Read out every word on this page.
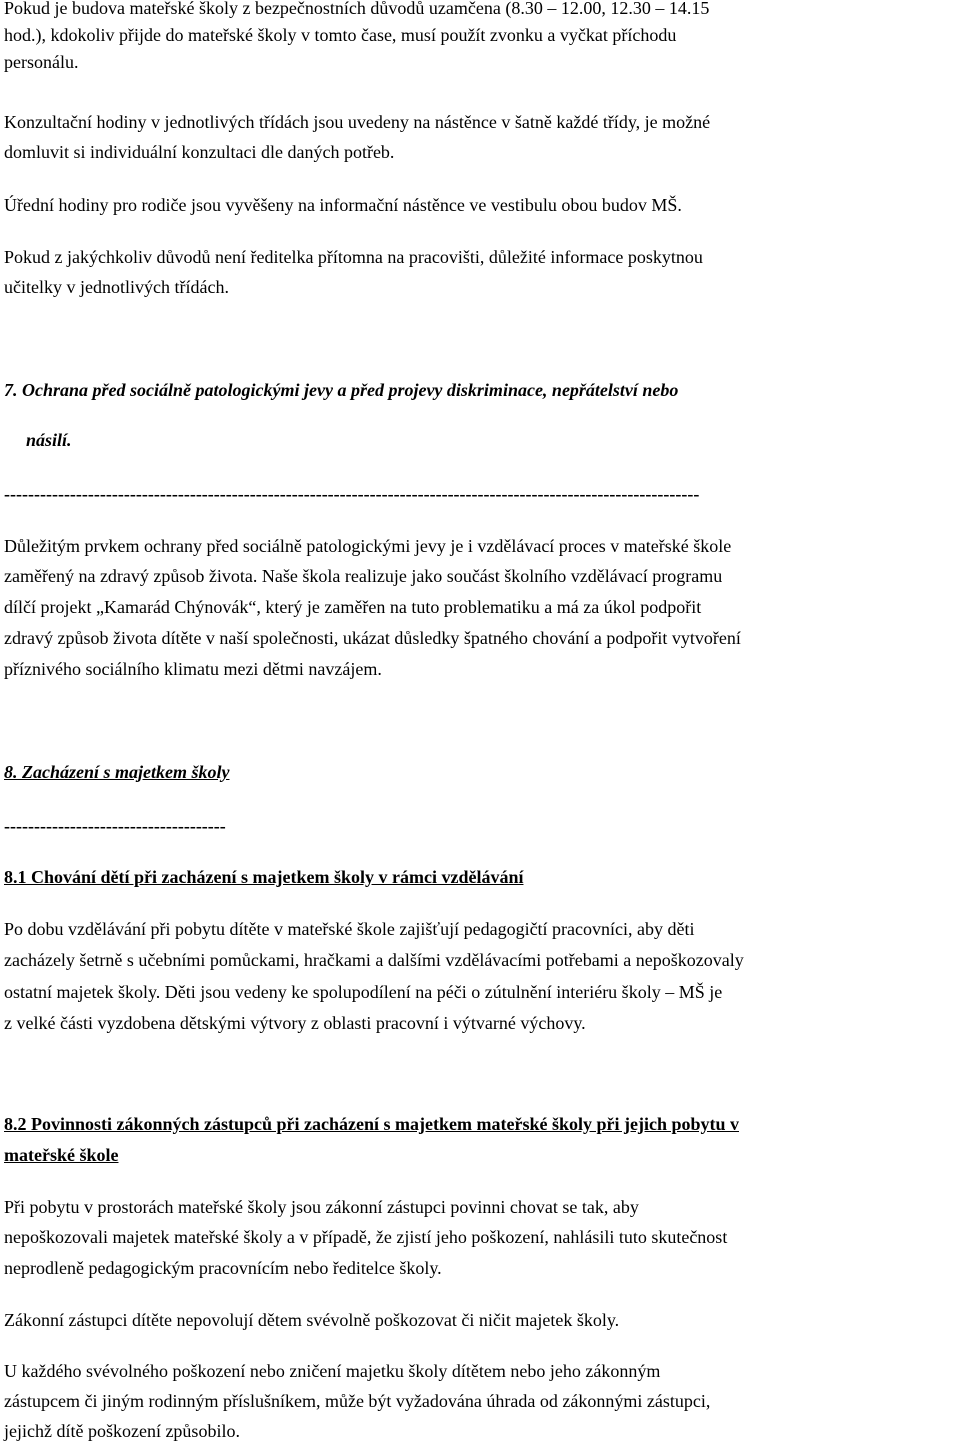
Pokud je budova mateřské školy z bezpečnostních důvodů uzamčena (8.30 – 12.00, 12.30 – 14.15
hod.), kdokoliv přijde do mateřské školy v tomto čase, musí použít zvonku a vyčkat příchodu
personálu.
Konzultační hodiny v jednotlivých třídách jsou uvedeny na nástěnce v šatně každé třídy, je možné
domluvit si individuální konzultaci dle daných potřeb.
Úřední hodiny pro rodiče jsou vyvěšeny na informační nástěnce ve vestibulu obou budov MŠ.
Pokud z jakýchkoliv důvodů není ředitelka přítomna na pracovišti, důležité informace poskytnou
učitelky v jednotlivých třídách.
7. Ochrana před sociálně patologickými jevy a před projevy diskriminace, nepřátelství nebo
násilí.
--------------------------------------------------------------------------------------------------------------------
Důležitým prvkem ochrany před sociálně patologickými jevy je i vzdělávací proces v mateřské škole
zaměřený na zdravý způsob života. Naše škola realizuje jako součást školního vzdělávací programu
dílčí projekt „Kamarád Chýnovák“, který je zaměřen na tuto problematiku a má za úkol podpořit
zdravý způsob života dítěte v naší společnosti, ukázat důsledky špatného chování a podpořit vytvoření
příznivého sociálního klimatu mezi dětmi navzájem.
8. Zacházení s majetkem školy
-------------------------------------
8.1 Chování dětí při zacházení s majetkem školy v rámci vzdělávání
Po dobu vzdělávání při pobytu dítěte v mateřské škole zajišťují pedagogičtí pracovníci, aby děti
zacházely šetrně s učebními pomůckami, hračkami a dalšími vzdělávacími potřebami a nepoškozovaly
ostatní majetek školy. Děti jsou vedeny ke spolupodílení na péči o zútulnění interiéru školy – MŠ je
z velké části vyzdobena dětskými výtvory z oblasti pracovní i výtvarné výchovy.
8.2 Povinnosti zákonných zástupců při zacházení s majetkem mateřské školy při jejich pobytu v
mateřské škole
Při pobytu v prostorách mateřské školy jsou zákonní zástupci povinni chovat se tak, aby
nepoškozovali majetek mateřské školy a v případě, že zjistí jeho poškození, nahlásili tuto skutečnost
neprodleně pedagogickým pracovnícím nebo ředitelce školy.
Zákonní zástupci dítěte nepovolují dětem svévolně poškozovat či ničit majetek školy.
U každého svévolného poškození nebo zničení majetku školy dítětem nebo jeho zákonným
zástupcem či jiným rodinným příslušníkem, může být vyžadována úhrada od zákonnými zástupci,
jejichž dítě poškození způsobilo.
